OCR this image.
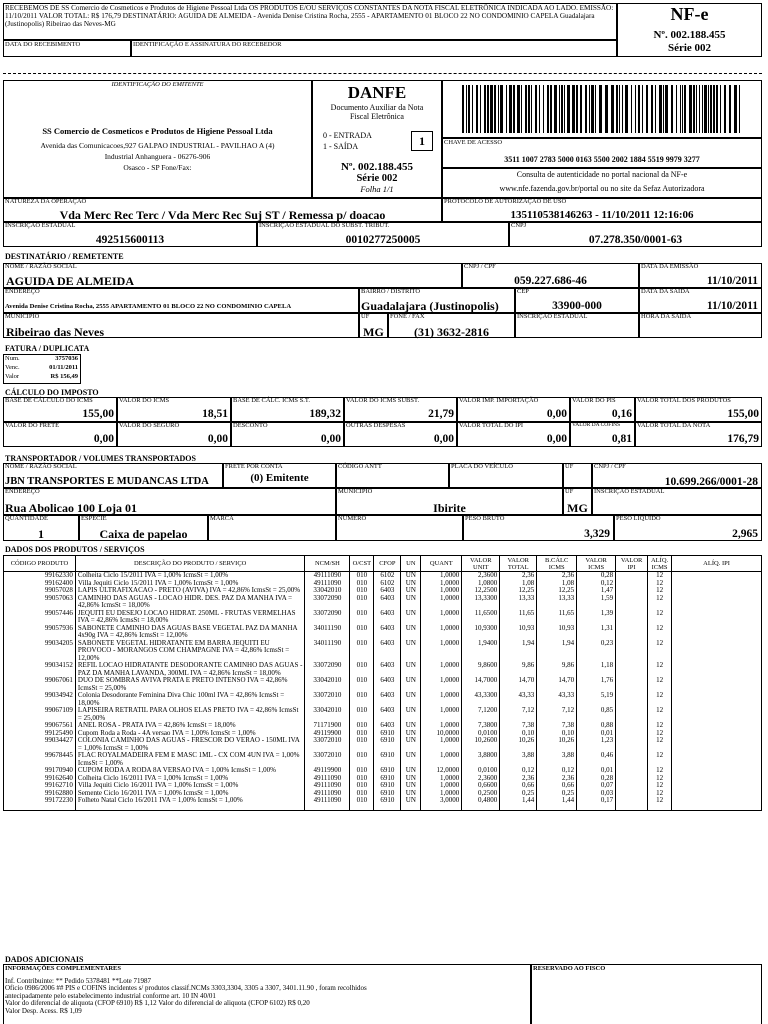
RECEBEMOS DE SS Comercio de Cosmeticos e Produtos de Higiene Pessoal Ltda OS PRODUTOS E/OU SERVIÇOS CONSTANTES DA NOTA FISCAL ELETRÔNICA INDICADA AO LADO. EMISSÃO: 11/10/2011 VALOR TOTAL: R$ 176,79 DESTINATÁRIO: AGUIDA DE ALMEIDA - Avenida Denise Cristina Rocha, 2555 - APARTAMENTO 01 BLOCO 22 NO CONDOMINIO CAPELA Guadalajara (Justinopolis) Ribeirao das Neves-MG
DATA DO RECEBIMENTO	IDENTIFICAÇÃO E ASSINATURA DO RECEBEDOR
NF-e
Nº. 002.188.455
Série 002
IDENTIFICAÇÃO DO EMITENTE
SS Comercio de Cosmeticos e Produtos de Higiene Pessoal Ltda
Avenida das Comunicacoes,927 GALPAO INDUSTRIAL - PAVILHAO A (4)
Industrial Anhanguera - 06276-906
Osasco - SP Fone/Fax:
DANFE
Documento Auxiliar da Nota
Fiscal Eletrônica
0 - ENTRADA
1 - SAÍDA	1
Nº. 002.188.455
Série 002
Folha 1/1
CHAVE DE ACESSO
3511 1007 2783 5000 0163 5500 2002 1884 5519 9979 3277
Consulta de autenticidade no portal nacional da NF-e
www.nfe.fazenda.gov.br/portal ou no site da Sefaz Autorizadora
NATUREZA DA OPERAÇÃO
Vda Merc Rec Terc / Vda Merc Rec Suj ST / Remessa p/ doacao
PROTOCOLO DE AUTORIZAÇÃO DE USO
135110538146263 - 11/10/2011 12:16:06
INSCRIÇÃO ESTADUAL
492515600113
INSCRIÇÃO ESTADUAL DO SUBST. TRIBUT.
0010277250005
CNPJ
07.278.350/0001-63
DESTINATÁRIO / REMETENTE
NOME / RAZÃO SOCIAL
AGUIDA DE ALMEIDA
CNPJ / CPF
059.227.686-46
DATA DA EMISSÃO
11/10/2011
ENDEREÇO
Avenida Denise Cristina Rocha, 2555 APARTAMENTO 01 BLOCO 22 NO CONDOMINIO CAPELA
BAIRRO / DISTRITO
Guadalajara (Justinopolis)
CEP
33900-000
DATA DA SAÍDA
11/10/2011
MUNICÍPIO
Ribeirao das Neves
UF
MG
FONE / FAX
(31) 3632-2816
INSCRIÇÃO ESTADUAL	HORA DA SAÍDA
FATURA / DUPLICATA
Num.	3757036
Venc.	01/11/2011
Valor	R$ 156,49
CÁLCULO DO IMPOSTO
BASE DE CÁLCULO DO ICMS
155,00
VALOR DO ICMS
18,51
BASE DE CÁLC. ICMS S.T.
189,32
VALOR DO ICMS SUBST.
21,79
VALOR IMP. IMPORTAÇÃO
0,00
VALOR DO PIS
0,16
VALOR TOTAL DOS PRODUTOS
155,00
VALOR DO FRETE
0,00
VALOR DO SEGURO
0,00
DESCONTO
0,00
OUTRAS DESPESAS
0,00
VALOR TOTAL DO IPI
0,00
VALOR DA COFINS
0,81
VALOR TOTAL DA NOTA
176,79
TRANSPORTADOR / VOLUMES TRANSPORTADOS
NOME / RAZÃO SOCIAL
JBN TRANSPORTES E MUDANCAS LTDA
FRETE POR CONTA
(0) Emitente
CÓDIGO ANTT	PLACA DO VEÍCULO	UF	CNPJ / CPF
10.699.266/0001-28
ENDEREÇO
Rua Abolicao 100 Loja 01
MUNICÍPIO
Ibirite
UF
MG
INSCRIÇÃO ESTADUAL
QUANTIDADE
1
ESPÉCIE
Caixa de papelao
MARCA	NÚMERO	PESO BRUTO
3,329
PESO LÍQUIDO
2,965
DADOS DOS PRODUTOS / SERVIÇOS
CÓDIGO PRODUTO	DESCRIÇÃO DO PRODUTO / SERVIÇO	NCM/SH	O/CST	CFOP	UN	QUANT	VALOR UNIT	VALOR TOTAL	B.CÁLC ICMS	VALOR ICMS	VALOR IPI	ALÍQ. ICMS	ALÍQ. IPI
99162330	Colheita Ciclo 15/2011 IVA = 1,00% IcmsSt = 1,00%	49111090	010	6102	UN	1,0000	2,3600	2,36	2,36	0,28		12	
99162400	Villa Jequiti Ciclo 15/2011 IVA = 1,00% IcmsSt = 1,00%	49111090	010	6102	UN	1,0000	1,0800	1,08	1,08	0,12		12	
99057028	LAPIS ULTRAFIXACAO - PRETO (AVIVA) IVA = 42,86% IcmsSt = 25,00%	33042010	010	6403	UN	1,0000	12,2500	12,25	12,25	1,47		12	
99057063	CAMINHO DAS AGUAS - LOCAO HIDR. DES. PAZ DA MANHA IVA = 42,86% IcmsSt = 18,00%	33072090	010	6403	UN	1,0000	13,3300	13,33	13,33	1,59		12	
99057446	JEQUITI EU DESEJO LOCAO HIDRAT. 250ML - FRUTAS VERMELHAS IVA = 42,86% IcmsSt = 18,00%	33072090	010	6403	UN	1,0000	11,6500	11,65	11,65	1,39		12	
99057936	SABONETE CAMINHO DAS AGUAS BASE VEGETAL PAZ DA MANHA 4x90g IVA = 42,86% IcmsSt = 12,00%	34011190	010	6403	UN	1,0000	10,9300	10,93	10,93	1,31		12	
99034205	SABONETE VEGETAL HIDRATANTE EM BARRA JEQUITI EU PROVOCO - MORANGOS COM CHAMPAGNE IVA = 42,86% IcmsSt = 12,00%	34011190	010	6403	UN	1,0000	1,9400	1,94	1,94	0,23		12	
99034152	REFIL LOCAO HIDRATANTE DESODORANTE CAMINHO DAS AGUAS - PAZ DA MANHA LAVANDA, 300ML IVA = 42,86% IcmsSt = 18,00%	33072090	010	6403	UN	1,0000	9,8600	9,86	9,86	1,18		12	
99067061	DUO DE SOMBRAS AVIVA PRATA E PRETO INTENSO IVA = 42,86% IcmsSt = 25,00%	33042010	010	6403	UN	1,0000	14,7000	14,70	14,70	1,76		12	
99034942	Colonia Desodorante Feminina Diva Chic 100ml IVA = 42,86% IcmsSt = 18,00%	33072010	010	6403	UN	1,0000	43,3300	43,33	43,33	5,19		12	
99067109	LAPISEIRA RETRATIL PARA OLHOS ELAS PRETO IVA = 42,86% IcmsSt = 25,00%	33042010	010	6403	UN	1,0000	7,1200	7,12	7,12	0,85		12	
99067561	ANEL ROSA - PRATA IVA = 42,86% IcmsSt = 18,00%	71171900	010	6403	UN	1,0000	7,3800	7,38	7,38	0,88		12	
99125490	Cupom Roda a Roda - 4A versao IVA = 1,00% IcmsSt = 1,00%	49119900	010	6910	UN	10,0000	0,0100	0,10	0,10	0,01		12	
99034427	COLONIA CAMINHO DAS AGUAS - FRESCOR DO VERAO - 150ML IVA = 1,00% IcmsSt = 1,00%	33072010	010	6910	UN	1,0000	10,2600	10,26	10,26	1,23		12	
99678445	FLAC ROYALMADEIRA FEM E MASC 1ML - CX COM 4UN IVA = 1,00% IcmsSt = 1,00%	33072010	010	6910	UN	1,0000	3,8800	3,88	3,88	0,46		12	
99170940	CUPOM RODA A RODA 8A VERSAO IVA = 1,00% IcmsSt = 1,00%	49119900	010	6910	UN	12,0000	0,0100	0,12	0,12	0,01		12	
99162640	Colheita Ciclo 16/2011 IVA = 1,00% IcmsSt = 1,00%	49111090	010	6910	UN	1,0000	2,3600	2,36	2,36	0,28		12	
99162710	Villa Jequiti Ciclo 16/2011 IVA = 1,00% IcmsSt = 1,00%	49111090	010	6910	UN	1,0000	0,6600	0,66	0,66	0,07		12	
99162880	Semente Ciclo 16/2011 IVA = 1,00% IcmsSt = 1,00%	49111090	010	6910	UN	1,0000	0,2500	0,25	0,25	0,03		12	
99172230	Folheto Natal Ciclo 16/2011 IVA = 1,00% IcmsSt = 1,00%	49111090	010	6910	UN	3,0000	0,4800	1,44	1,44	0,17		12	

DADOS ADICIONAIS
INFORMAÇÕES COMPLEMENTARES
Inf. Contribuinte: ** Pedido 5378481 **Lote 71987
Oficio 0986/2006 ## PIS e COFINS incidentes s/ produtos classif.NCMs 3303,3304, 3305 a 3307, 3401.11.90 , foram recolhidos
antecipadamente pelo estabelecimento industrial conforme art. 10 IN 40/01
Valor do diferencial de aliquota (CFOP 6910) R$ 1,12 Valor do diferencial de aliquota (CFOP 6102) R$ 0,20
Valor Desp. Acess. R$ 1,09
RESERVADO AO FISCO
